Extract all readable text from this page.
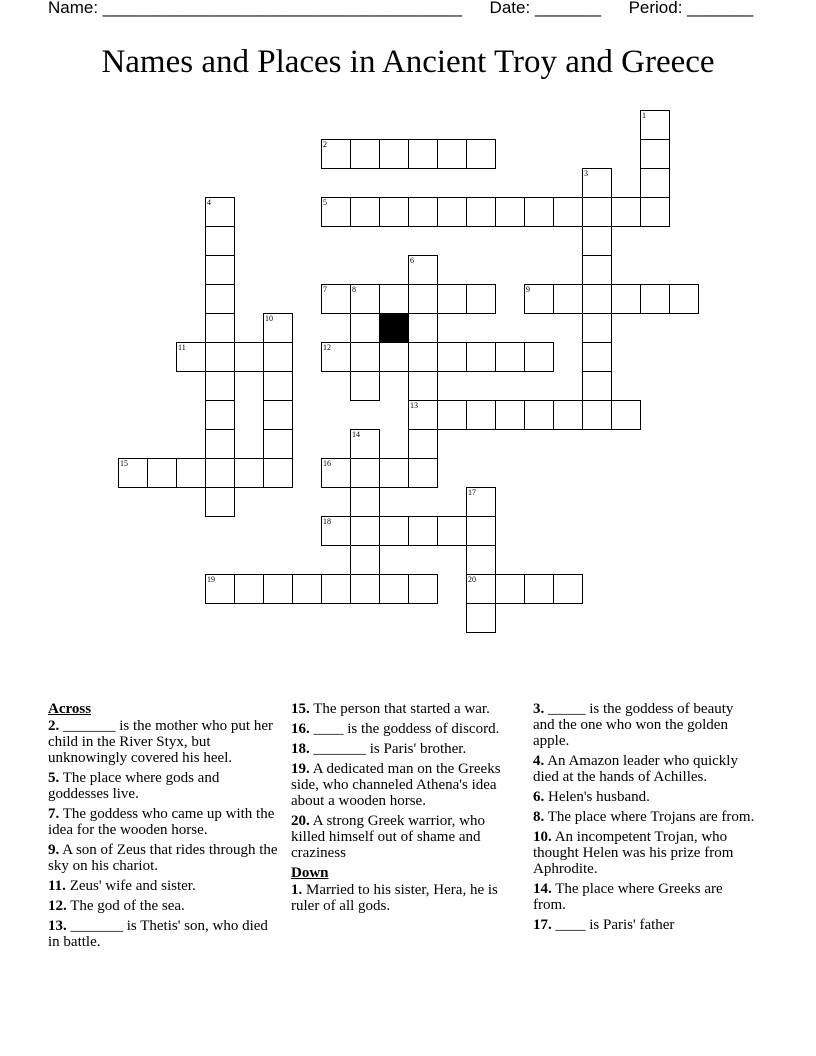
Name: ______________________________________ Date: _______ Period: _______
Names and Places in Ancient Troy and Greece
1
2
3
4	5
6
13
7	8	9
10
11	12
14
15	16
17
20
18
19
Across
2. _______ is the mother who put her child in the River Styx, but unknowingly covered his heel.
5. The place where gods and goddesses live.
7. The goddess who came up with the idea for the wooden horse.
9. A son of Zeus that rides through the sky on his chariot.
11. Zeus' wife and sister.
12. The god of the sea.
13. _______ is Thetis' son, who died in battle.
15. The person that started a war.
16. ____ is the goddess of discord.
18. _______ is Paris' brother.
19. A dedicated man on the Greeks side, who channeled Athena's idea about a wooden horse.
20. A strong Greek warrior, who killed himself out of shame and craziness
Down
1. Married to his sister, Hera, he is ruler of all gods.
3. _____ is the goddess of beauty and the one who won the golden apple.
4. An Amazon leader who quickly died at the hands of Achilles.
6. Helen's husband.
8. The place where Trojans are from.
10. An incompetent Trojan, who thought Helen was his prize from Aphrodite.
14. The place where Greeks are from.
17. ____ is Paris' father
